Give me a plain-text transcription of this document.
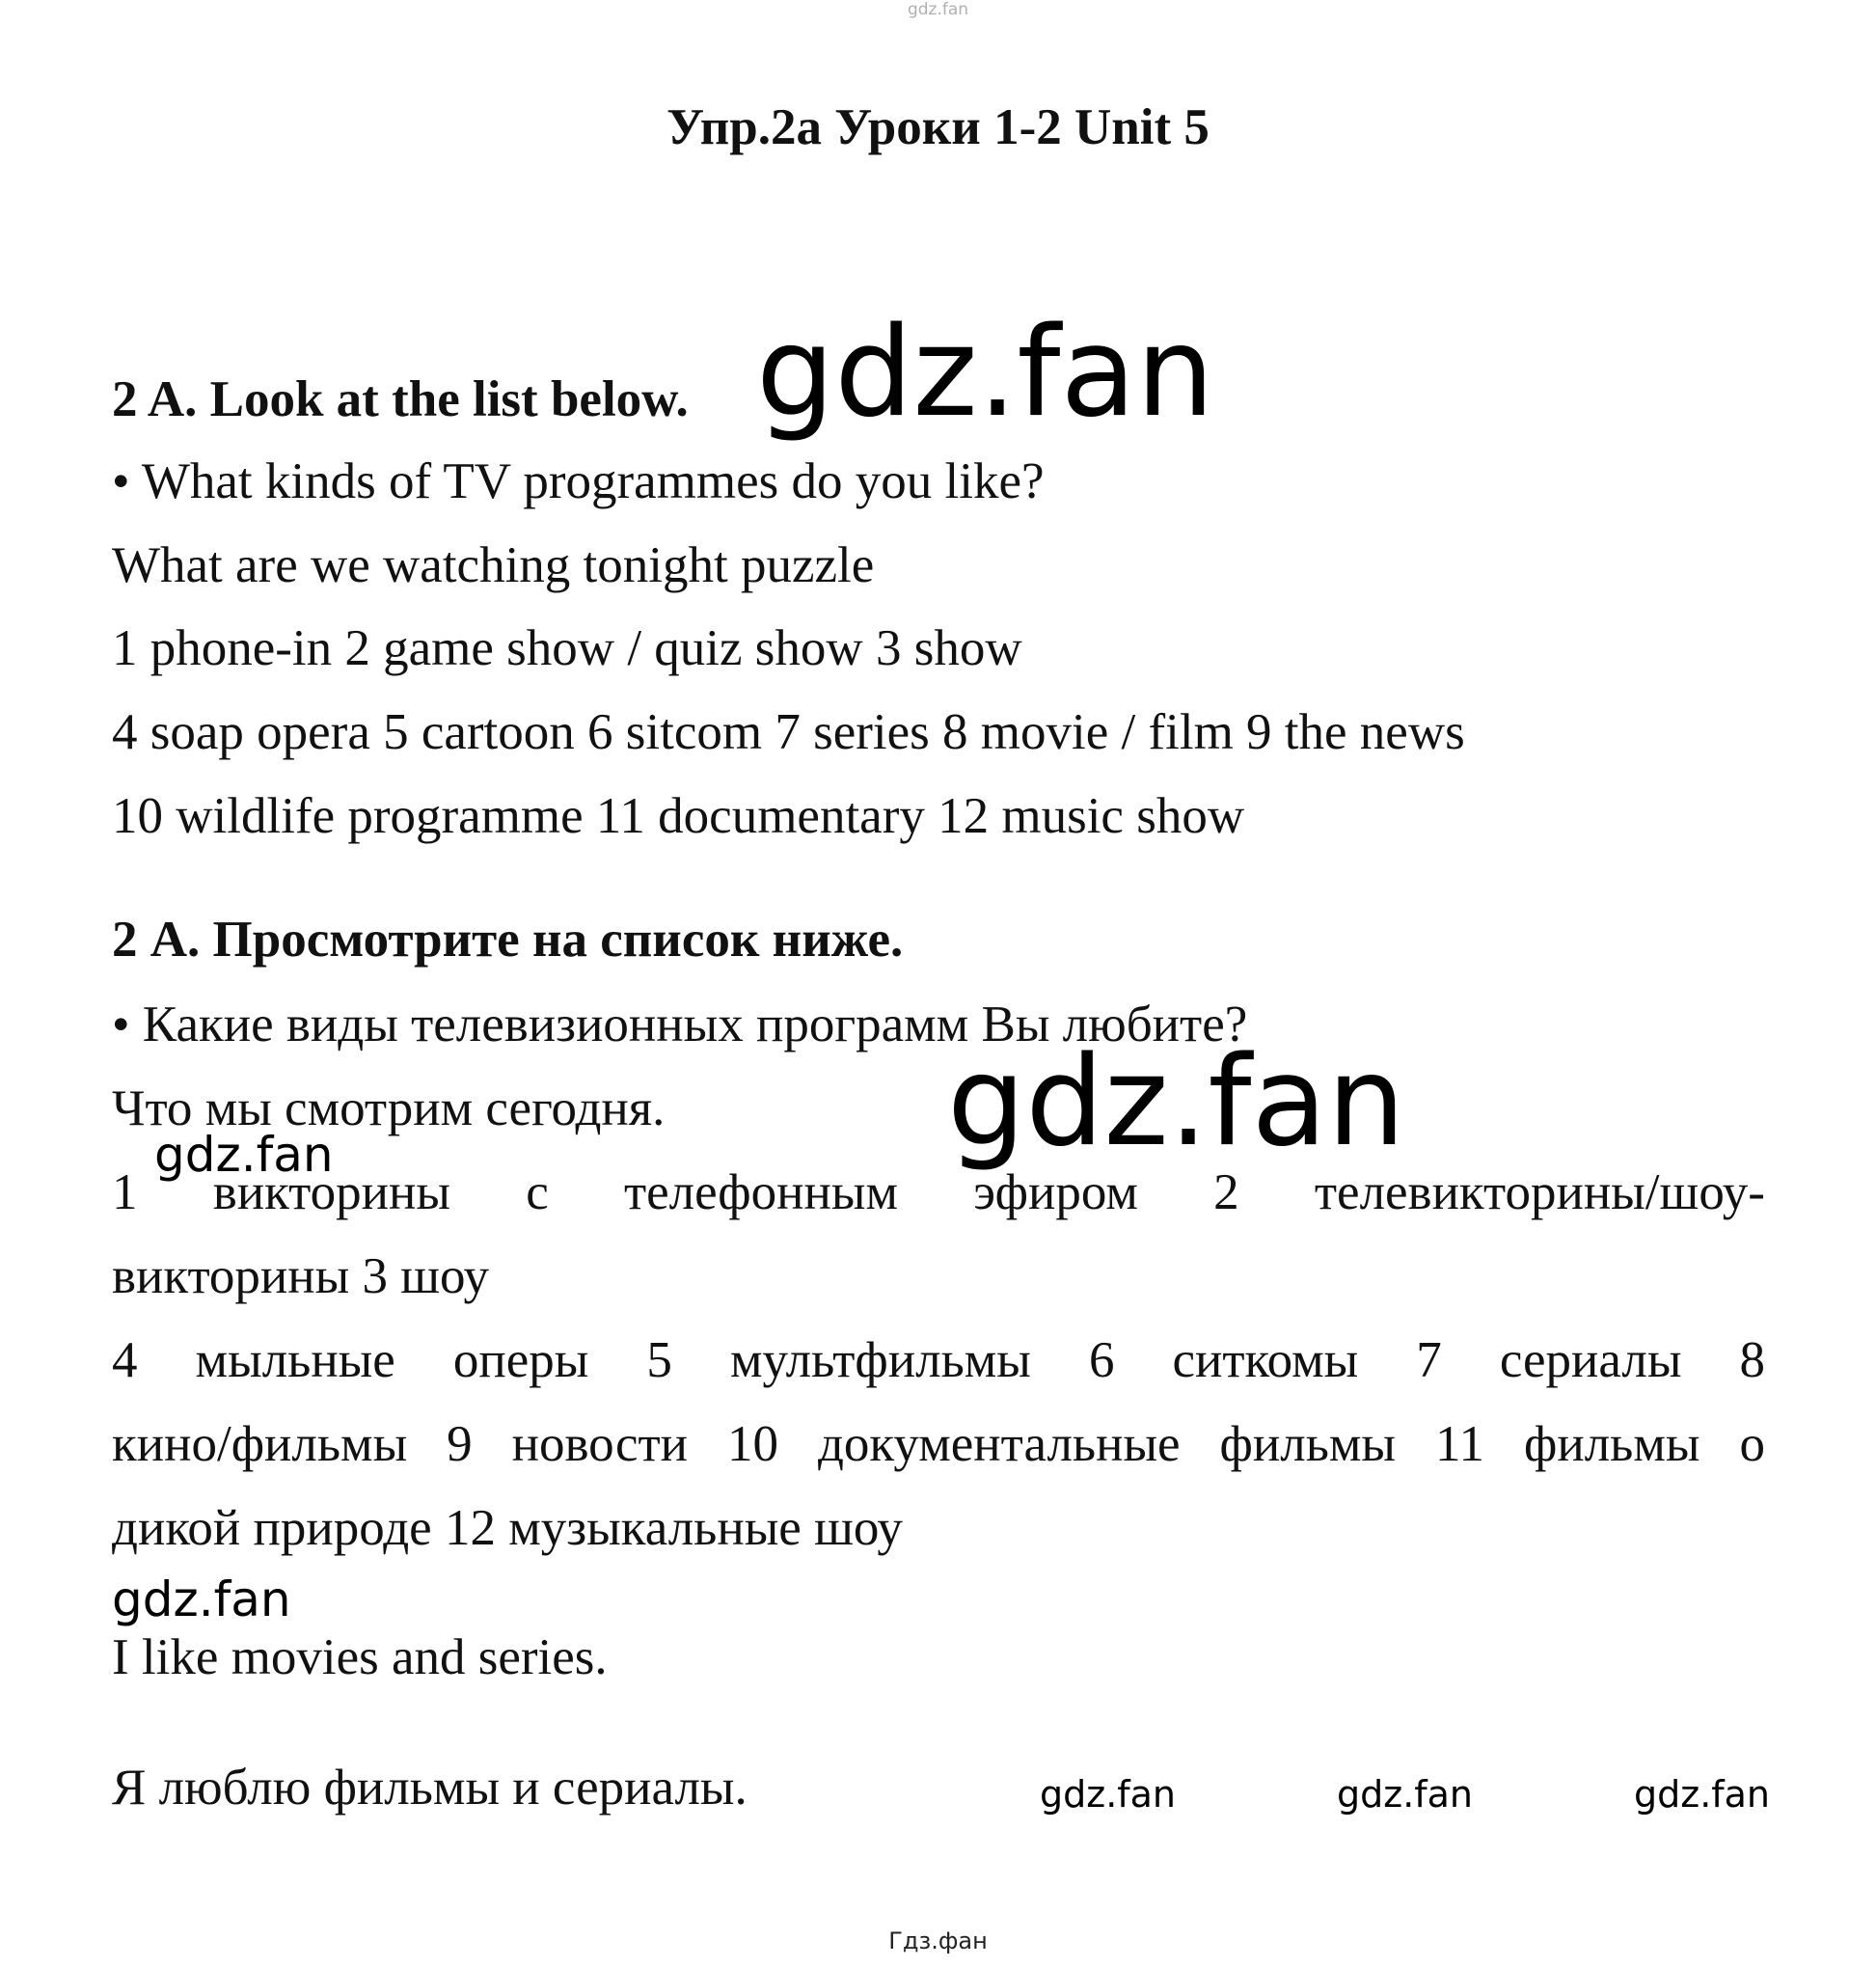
gdz.fan
Упр.2а Уроки 1-2 Unit 5
2 A. Look at the list below. gdz.fan
• What kinds of TV programmes do you like?
What are we watching tonight puzzle
1 phone-in 2 game show / quiz show 3 show
4 soap opera 5 cartoon 6 sitcom 7 series 8 movie / film 9 the news
10 wildlife programme 11 documentary 12 music show
2 А. Просмотрите на список ниже.
• Какие виды телевизионных программ Вы любите?
Что мы смотрим сегодня. gdz.fan
gdz.fan
1 викторины с телефонным эфиром 2 телевикторины/шоу-
викторины 3 шоу
4 мыльные оперы 5 мультфильмы 6 ситкомы 7 сериалы 8
кино/фильмы 9 новости 10 документальные фильмы 11 фильмы о
дикой природе 12 музыкальные шоу
gdz.fan
I like movies and series.
Я люблю фильмы и сериалы.	gdz.fan	gdz.fan	gdz.fan
Гдз.фан
